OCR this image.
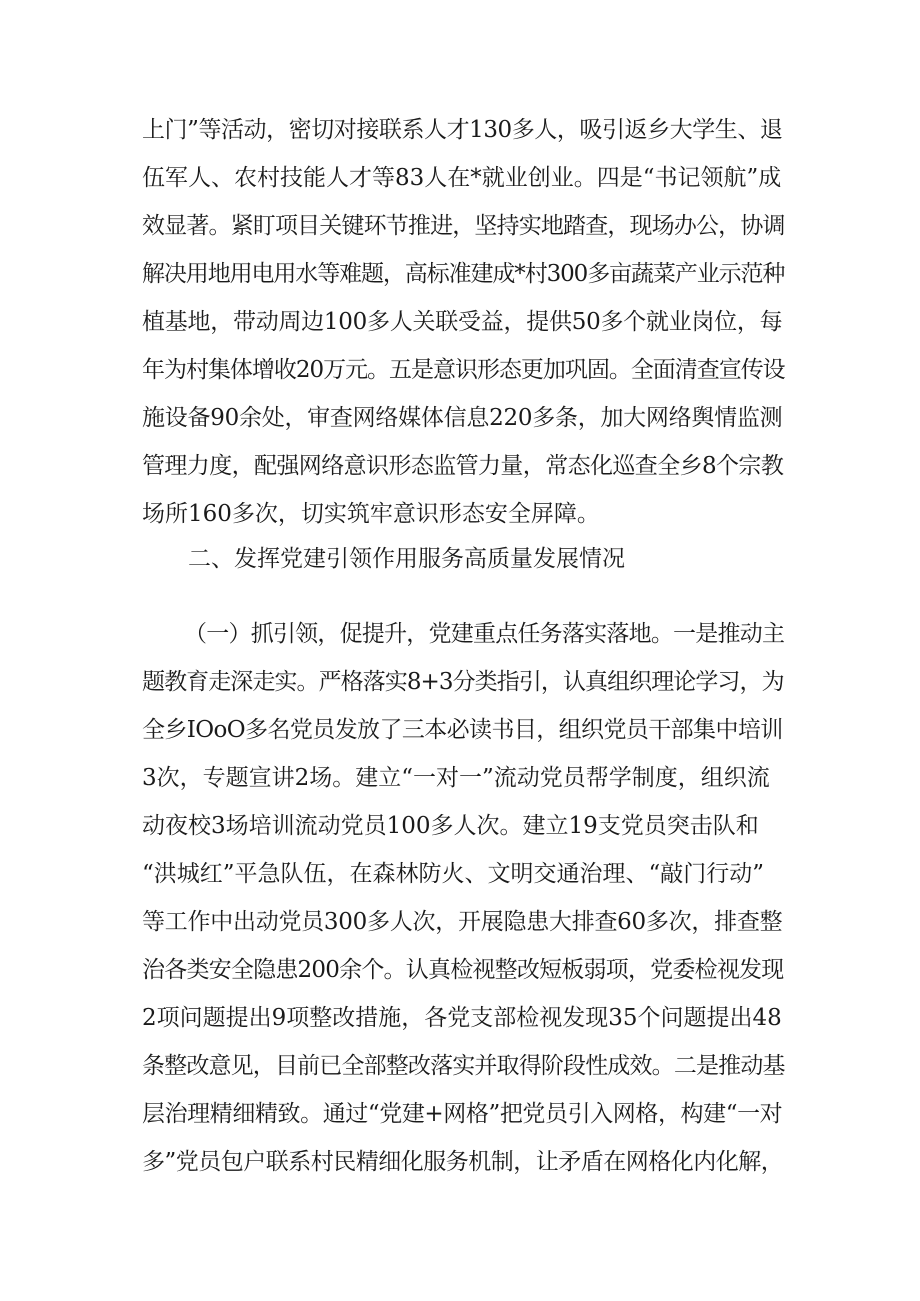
上门”等活动，密切对接联系人才130多人，吸引返乡大学生、退
伍军人、农村技能人才等83人在*就业创业。四是“书记领航”成
效显著。紧盯项目关键环节推进，坚持实地踏查，现场办公，协调
解决用地用电用水等难题，高标准建成*村300多亩蔬菜产业示范种
植基地，带动周边100多人关联受益，提供50多个就业岗位，每
年为村集体增收20万元。五是意识形态更加巩固。全面清查宣传设
施设备90余处，审查网络媒体信息220多条，加大网络舆情监测
管理力度，配强网络意识形态监管力量，常态化巡查全乡8个宗教
场所160多次，切实筑牢意识形态安全屏障。
二、发挥党建引领作用服务高质量发展情况
（一）抓引领，促提升，党建重点任务落实落地。一是推动主
题教育走深走实。严格落实8+3分类指引，认真组织理论学习，为
全乡IOoO多名党员发放了三本必读书目，组织党员干部集中培训
3次，专题宣讲2场。建立“一对一”流动党员帮学制度，组织流
动夜校3场培训流动党员100多人次。建立19支党员突击队和
“洪城红”平急队伍，在森林防火、文明交通治理、“敲门行动”
等工作中出动党员300多人次，开展隐患大排查60多次，排查整
治各类安全隐患200余个。认真检视整改短板弱项，党委检视发现
2项问题提出9项整改措施，各党支部检视发现35个问题提出48
条整改意见，目前已全部整改落实并取得阶段性成效。二是推动基
层治理精细精致。通过“党建+网格”把党员引入网格，构建“一对
多”党员包户联系村民精细化服务机制，让矛盾在网格化内化解，
